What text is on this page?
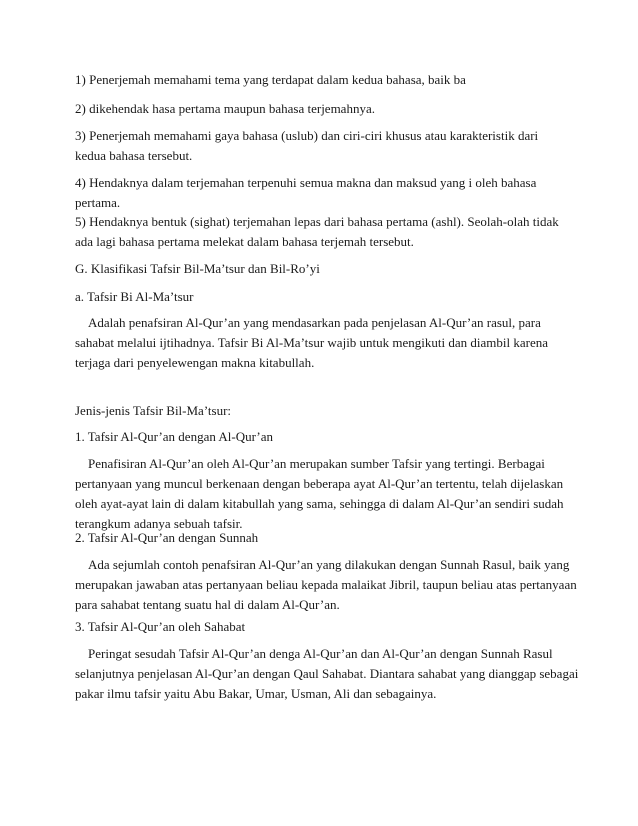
1) Penerjemah memahami tema yang terdapat dalam kedua bahasa, baik ba

2) dikehendak hasa pertama maupun bahasa terjemahnya.

3) Penerjemah memahami gaya bahasa (uslub) dan ciri-ciri khusus atau karakteristik dari
kedua bahasa tersebut.

4) Hendaknya dalam terjemahan terpenuhi semua makna dan maksud yang i oleh bahasa
pertama.

5) Hendaknya bentuk (sighat) terjemahan lepas dari bahasa pertama (ashl). Seolah-olah tidak
ada lagi bahasa pertama melekat dalam bahasa terjemah tersebut.

G. Klasifikasi Tafsir Bil-Ma’tsur dan Bil-Ro’yi

a. Tafsir Bi Al-Ma’tsur

Adalah penafsiran Al-Qur’an yang mendasarkan pada penjelasan Al-Qur’an rasul, para
sahabat melalui ijtihadnya. Tafsir Bi Al-Ma’tsur wajib untuk mengikuti dan diambil karena
terjaga dari penyelewengan makna kitabullah.

Jenis-jenis Tafsir Bil-Ma’tsur:

1. Tafsir Al-Qur’an dengan Al-Qur’an

Penafisiran Al-Qur’an oleh Al-Qur’an merupakan sumber Tafsir yang tertingi. Berbagai
pertanyaan yang muncul berkenaan dengan beberapa ayat Al-Qur’an tertentu, telah dijelaskan
oleh ayat-ayat lain di dalam kitabullah yang sama, sehingga di dalam Al-Qur’an sendiri sudah
terangkum adanya sebuah tafsir.

2. Tafsir Al-Qur’an dengan Sunnah

Ada sejumlah contoh penafsiran Al-Qur’an yang dilakukan dengan Sunnah Rasul, baik yang
merupakan jawaban atas pertanyaan beliau kepada malaikat Jibril, taupun beliau atas pertanyaan
para sahabat tentang suatu hal di dalam Al-Qur’an.

3. Tafsir Al-Qur’an oleh Sahabat

Peringat sesudah Tafsir Al-Qur’an denga Al-Qur’an dan Al-Qur’an dengan Sunnah Rasul
selanjutnya penjelasan Al-Qur’an dengan Qaul Sahabat. Diantara sahabat yang dianggap sebagai
pakar ilmu tafsir yaitu Abu Bakar, Umar, Usman, Ali dan sebagainya.
